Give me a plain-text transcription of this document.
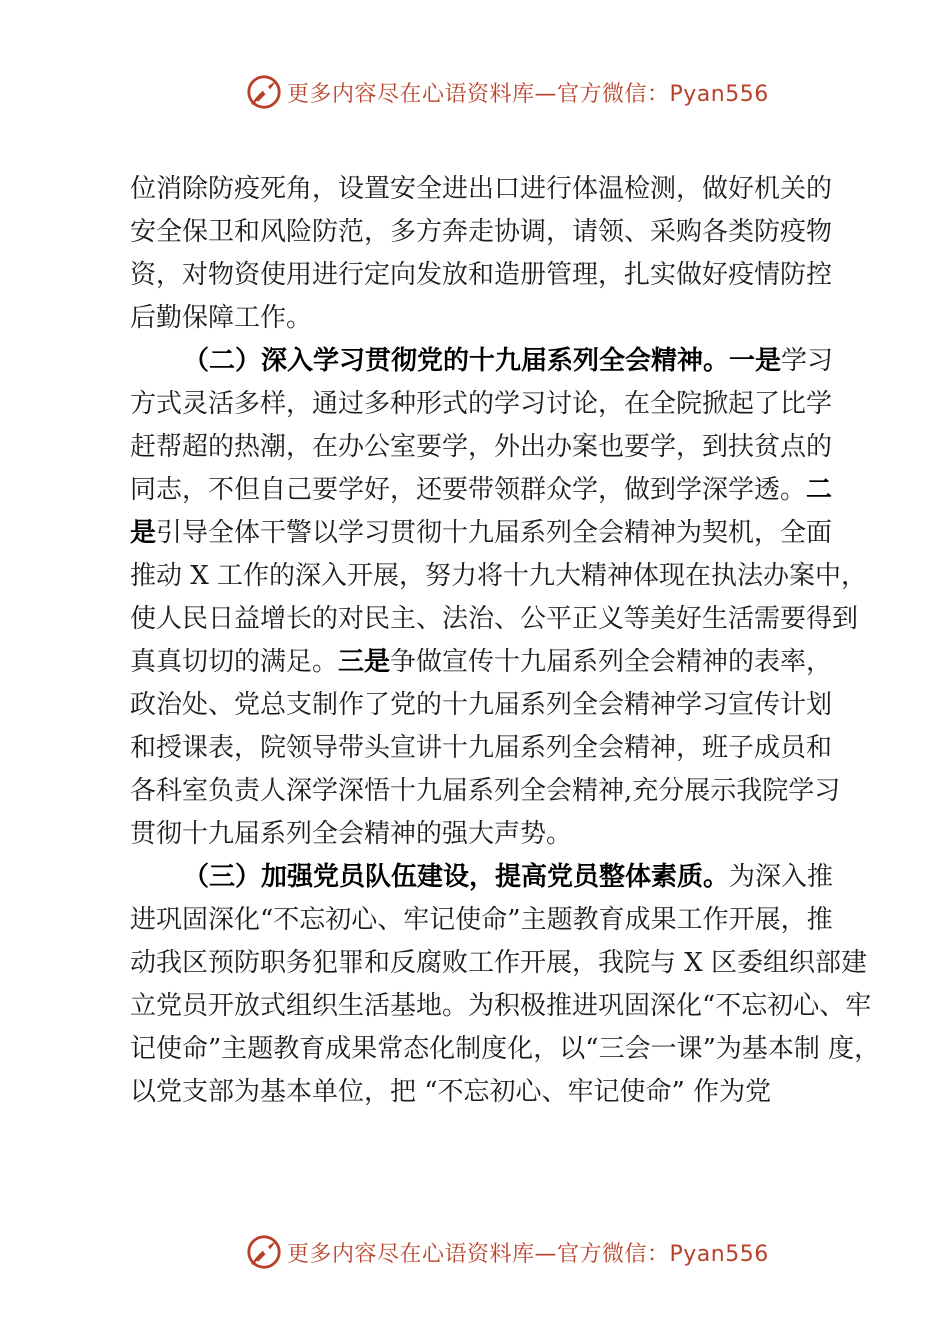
更多内容尽在心语资料库—官方微信：Pyan556
位消除防疫死角，设置安全进出口进行体温检测，做好机关的
安全保卫和风险防范，多方奔走协调，请领、采购各类防疫物
资，对物资使用进行定向发放和造册管理，扎实做好疫情防控
后勤保障工作。
（二）深入学习贯彻党的十九届系列全会精神。一是学习
方式灵活多样，通过多种形式的学习讨论，在全院掀起了比学
赶帮超的热潮，在办公室要学，外出办案也要学，到扶贫点的
同志，不但自己要学好，还要带领群众学，做到学深学透。二
是引导全体干警以学习贯彻十九届系列全会精神为契机，全面
推动 X 工作的深入开展，努力将十九大精神体现在执法办案中，
使人民日益增长的对民主、法治、公平正义等美好生活需要得到
真真切切的满足。三是争做宣传十九届系列全会精神的表率，
政治处、党总支制作了党的十九届系列全会精神学习宣传计划
和授课表，院领导带头宣讲十九届系列全会精神，班子成员和
各科室负责人深学深悟十九届系列全会精神,充分展示我院学习
贯彻十九届系列全会精神的强大声势。
（三）加强党员队伍建设，提高党员整体素质。为深入推
进巩固深化“不忘初心、牢记使命”主题教育成果工作开展，推
动我区预防职务犯罪和反腐败工作开展，我院与 X 区委组织部建
立党员开放式组织生活基地。为积极推进巩固深化“不忘初心、牢
记使命”主题教育成果常态化制度化，以“三会一课”为基本制 度，
以党支部为基本单位，把 “不忘初心、牢记使命” 作为党
更多内容尽在心语资料库—官方微信：Pyan556
